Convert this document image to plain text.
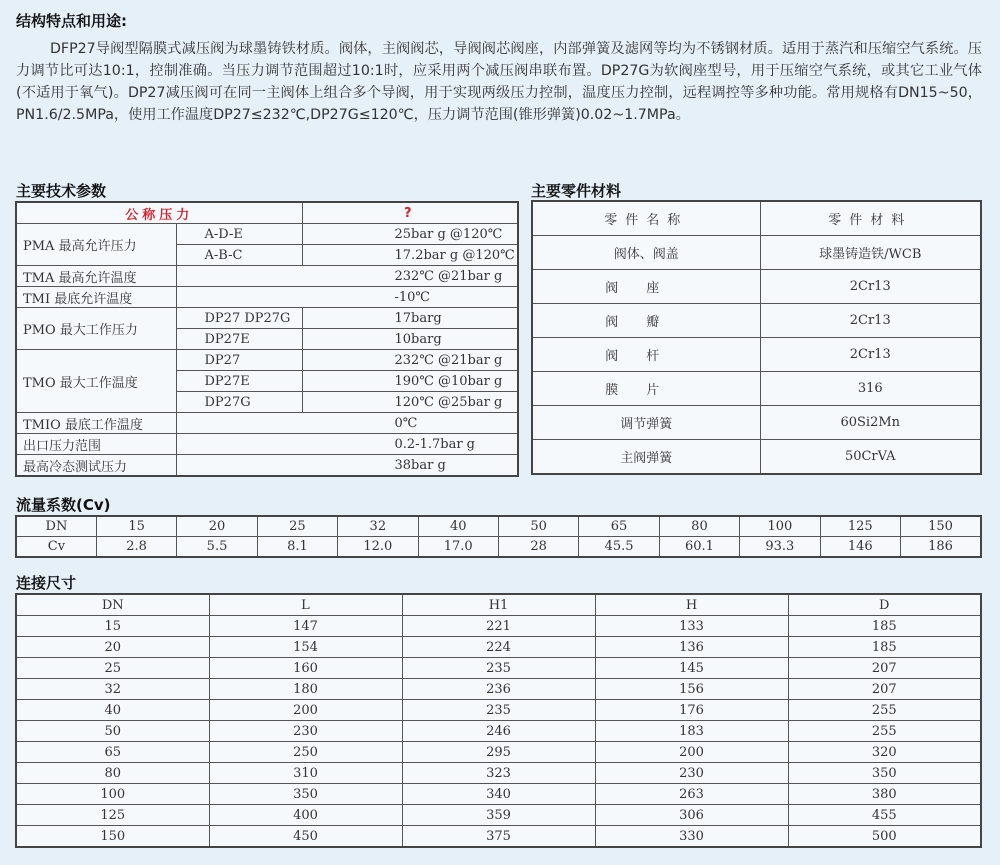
结构特点和用途:

DFP27导阀型隔膜式减压阀为球墨铸铁材质。阀体，主阀阀芯，导阀阀芯阀座，内部弹簧及滤网等均为不锈钢材质。适用于蒸汽和压缩空气系统。压力调节比可达10:1，控制准确。当压力调节范围超过10:1时，应采用两个减压阀串联布置。DP27G为软阀座型号，用于压缩空气系统，或其它工业气体(不适用于氧气)。DP27减压阀可在同一主阀体上组合多个导阀，用于实现两级压力控制，温度压力控制，远程调控等多种功能。常用规格有DN15~50，PN1.6/2.5MPa，使用工作温度DP27≤232℃,DP27G≤120℃，压力调节范围(锥形弹簧)0.02~1.7MPa。

主要技术参数
公称压力		?
PMA 最高允许压力	A-D-E	25bar g @120℃
	A-B-C	17.2bar g @120℃
TMA 最高允许温度	232℃ @21bar g	
TMI 最底允许温度	-10℃	
PMO 最大工作压力	DP27 DP27G	17barg
	DP27E	10barg
TMO 最大工作温度	DP27	232℃ @21bar g
	DP27E	190℃ @10bar g
	DP27G	120℃ @25bar g
TMIO 最底工作温度	0℃	
出口压力范围	0.2-1.7bar g	
最高冷态测试压力	38bar g	
主要零件材料
零件名称	零件材料
阀体、阀盖	球墨铸造铁/WCB
阀座	2Cr13
阀瓣	2Cr13
阀杆	2Cr13
膜片	316
调节弹簧	60Si2Mn
主阀弹簧	50CrVA
流量系数(Cv)
DN	15	20	25	32	40	50	65	80	100	125	150
Cv	2.8	5.5	8.1	12.0	17.0	28	45.5	60.1	93.3	146	186
连接尺寸
DN	L	H1	H	D
15	147	221	133	185
20	154	224	136	185
25	160	235	145	207
32	180	236	156	207
40	200	235	176	255
50	230	246	183	255
65	250	295	200	320
80	310	323	230	350
100	350	340	263	380
125	400	359	306	455
150	450	375	330	500
